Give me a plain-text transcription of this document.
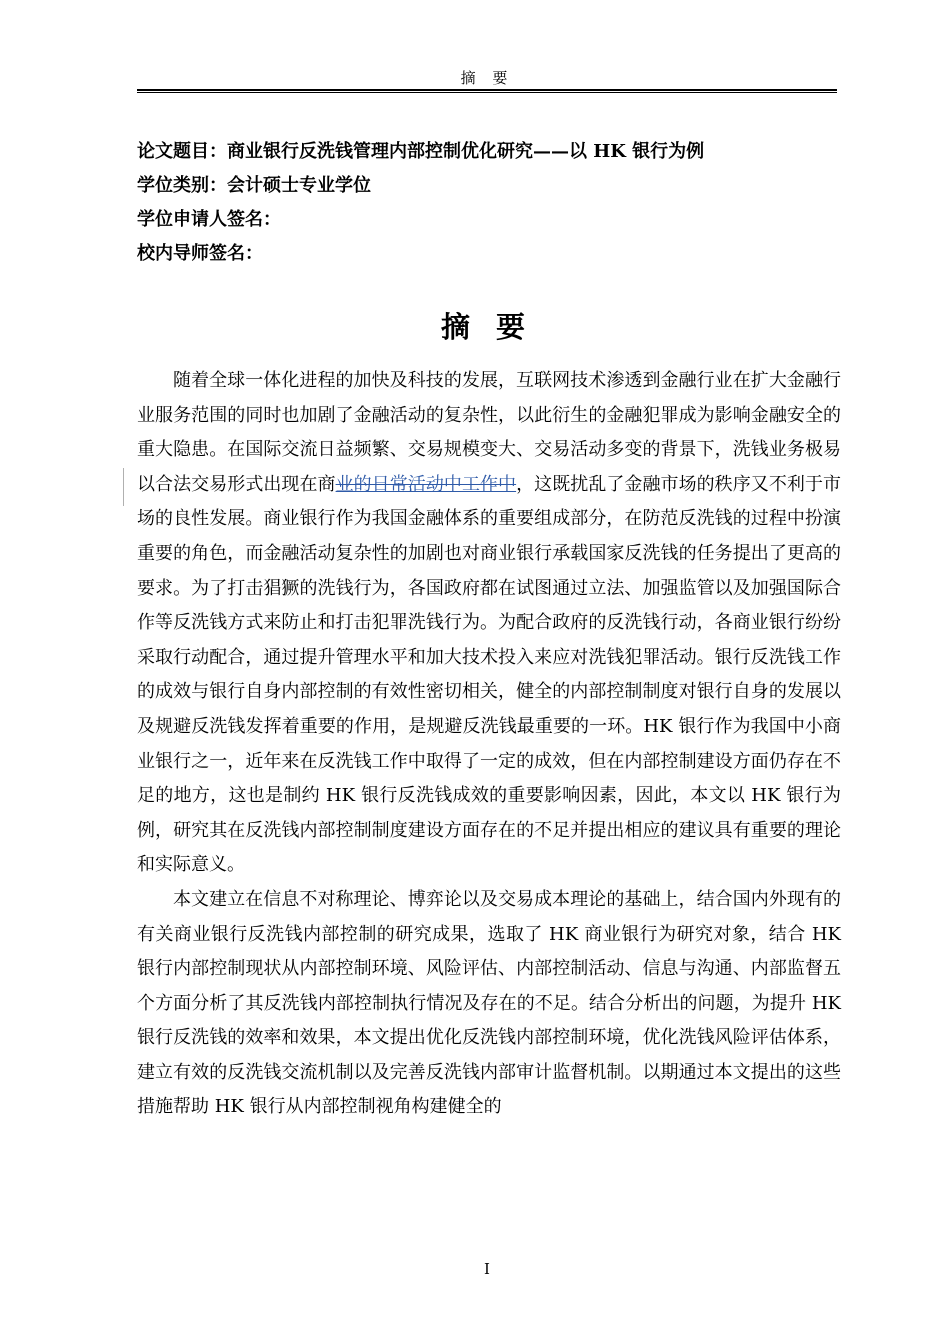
摘 要
论文题目：商业银行反洗钱管理内部控制优化研究——以 HK 银行为例
学位类别：会计硕士专业学位
学位申请人签名：
校内导师签名：
摘 要

随着全球一体化进程的加快及科技的发展，互联网技术渗透到金融行业在扩大金融行业服务范围的同时也加剧了金融活动的复杂性，以此衍生的金融犯罪成为影响金融安全的重大隐患。在国际交流日益频繁、交易规模变大、交易活动多变的背景下，洗钱业务极易以合法交易形式出现在商业的日常活动中工作中，这既扰乱了金融市场的秩序又不利于市场的良性发展。商业银行作为我国金融体系的重要组成部分，在防范反洗钱的过程中扮演重要的角色，而金融活动复杂性的加剧也对商业银行承载国家反洗钱的任务提出了更高的要求。为了打击猖獗的洗钱行为，各国政府都在试图通过立法、加强监管以及加强国际合作等反洗钱方式来防止和打击犯罪洗钱行为。为配合政府的反洗钱行动，各商业银行纷纷采取行动配合，通过提升管理水平和加大技术投入来应对洗钱犯罪活动。银行反洗钱工作的成效与银行自身内部控制的有效性密切相关，健全的内部控制制度对银行自身的发展以及规避反洗钱发挥着重要的作用，是规避反洗钱最重要的一环。HK 银行作为我国中小商业银行之一，近年来在反洗钱工作中取得了一定的成效，但在内部控制建设方面仍存在不足的地方，这也是制约 HK 银行反洗钱成效的重要影响因素，因此，本文以 HK 银行为例，研究其在反洗钱内部控制制度建设方面存在的不足并提出相应的建议具有重要的理论和实际意义。

本文建立在信息不对称理论、博弈论以及交易成本理论的基础上，结合国内外现有的有关商业银行反洗钱内部控制的研究成果，选取了 HK 商业银行为研究对象，结合 HK 银行内部控制现状从内部控制环境、风险评估、内部控制活动、信息与沟通、内部监督五个方面分析了其反洗钱内部控制执行情况及存在的不足。结合分析出的问题，为提升 HK 银行反洗钱的效率和效果，本文提出优化反洗钱内部控制环境，优化洗钱风险评估体系，建立有效的反洗钱交流机制以及完善反洗钱内部审计监督机制。以期通过本文提出的这些措施帮助 HK 银行从内部控制视角构建健全的

I
